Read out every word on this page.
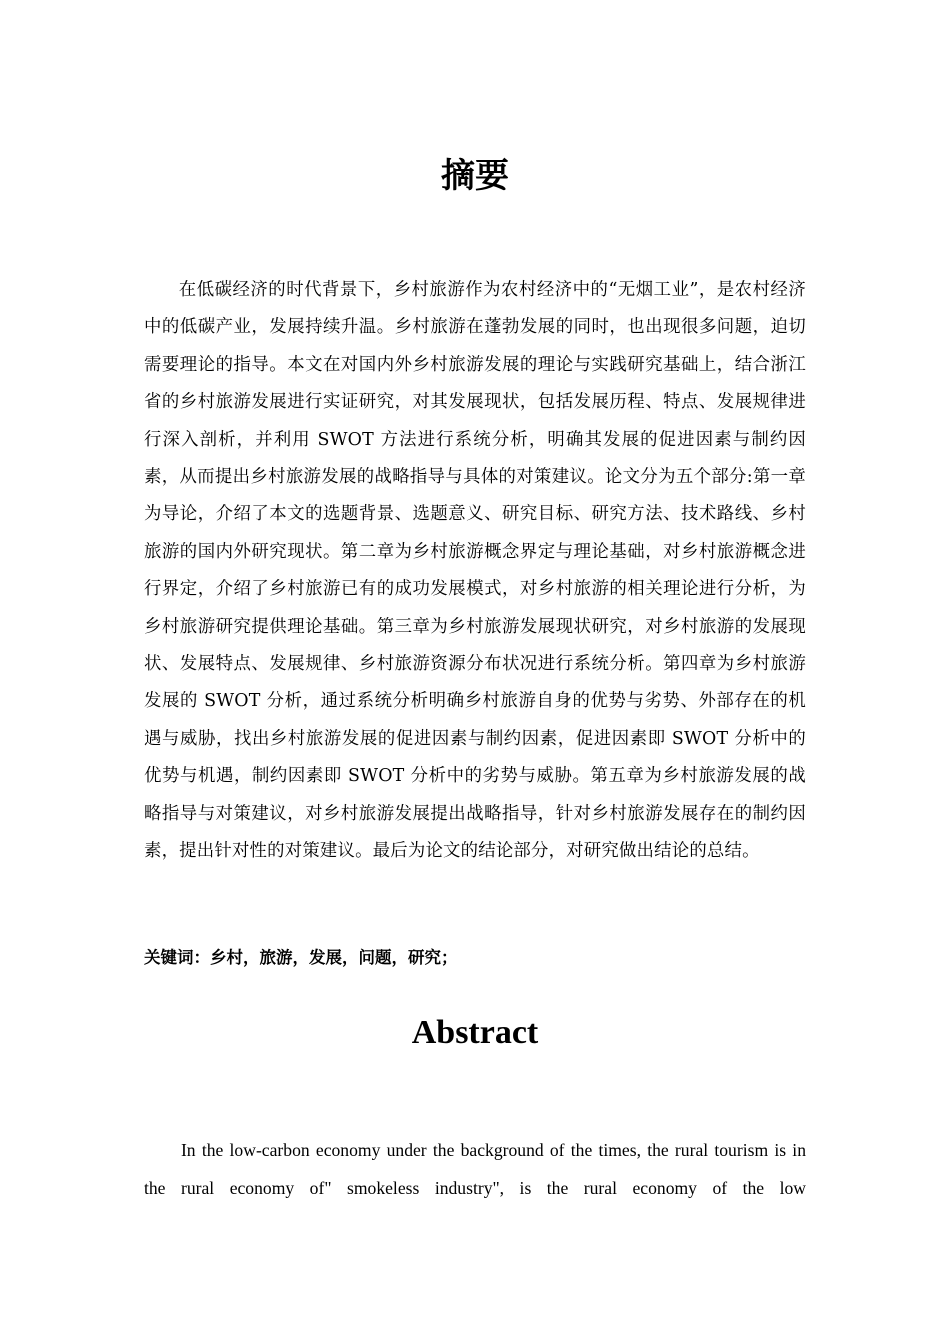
摘要

在低碳经济的时代背景下，乡村旅游作为农村经济中的“无烟工业”，是农村经济中的低碳产业，发展持续升温。乡村旅游在蓬勃发展的同时，也出现很多问题，迫切需要理论的指导。本文在对国内外乡村旅游发展的理论与实践研究基础上，结合浙江省的乡村旅游发展进行实证研究，对其发展现状，包括发展历程、特点、发展规律进行深入剖析，并利用 SWOT 方法进行系统分析，明确其发展的促进因素与制约因素，从而提出乡村旅游发展的战略指导与具体的对策建议。论文分为五个部分:第一章为导论，介绍了本文的选题背景、选题意义、研究目标、研究方法、技术路线、乡村旅游的国内外研究现状。第二章为乡村旅游概念界定与理论基础，对乡村旅游概念进行界定，介绍了乡村旅游已有的成功发展模式，对乡村旅游的相关理论进行分析，为乡村旅游研究提供理论基础。第三章为乡村旅游发展现状研究，对乡村旅游的发展现状、发展特点、发展规律、乡村旅游资源分布状况进行系统分析。第四章为乡村旅游发展的 SWOT 分析，通过系统分析明确乡村旅游自身的优势与劣势、外部存在的机遇与威胁，找出乡村旅游发展的促进因素与制约因素，促进因素即 SWOT 分析中的优势与机遇，制约因素即 SWOT 分析中的劣势与威胁。第五章为乡村旅游发展的战略指导与对策建议，对乡村旅游发展提出战略指导，针对乡村旅游发展存在的制约因素，提出针对性的对策建议。最后为论文的结论部分，对研究做出结论的总结。

关键词：乡村，旅游，发展，问题，研究；

Abstract

In the low-carbon economy under the background of the times, the rural tourism is in the rural economy of" smokeless industry", is the rural economy of the low
